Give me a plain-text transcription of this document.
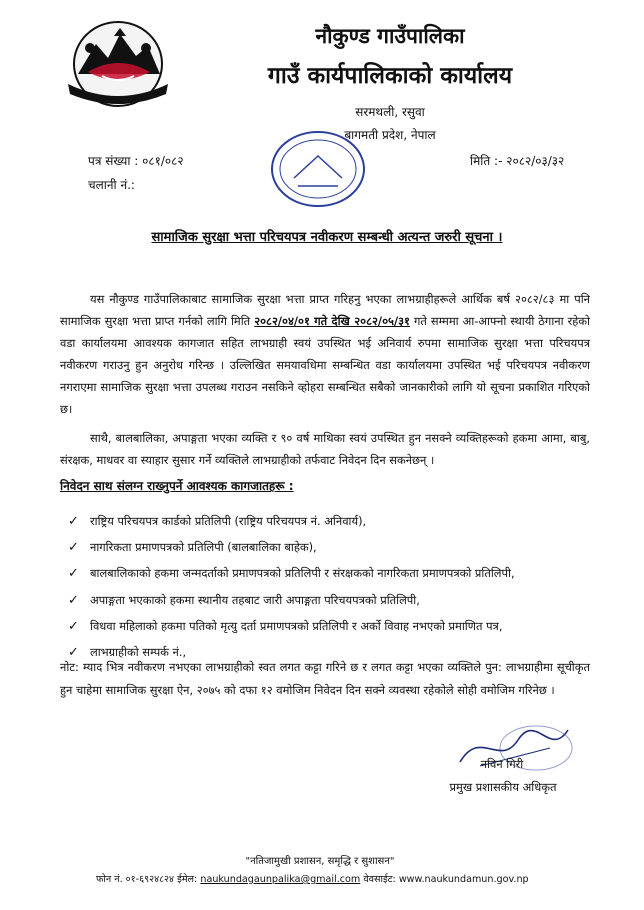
नौकुण्ड गाउँपालिका
गाउँ कार्यपालिकाको कार्यालय
सरमथली, रसुवा
बागमती प्रदेश, नेपाल
पत्र संख्या : ०८१/०८२
चलानी नं.:
मिति :- २०८२/०३/३२
सामाजिक सुरक्षा भत्ता परिचयपत्र नवीकरण सम्बन्धी अत्यन्त जरुरी सूचना ।

यस नौकुण्ड गाउँपालिकाबाट सामाजिक सुरक्षा भत्ता प्राप्त गरिहनु भएका लाभग्राहीहरूले आर्थिक बर्ष २०८२/८३ मा पनि सामाजिक सुरक्षा भत्ता प्राप्त गर्नको लागि मिति २०८२/०४/०१ गते देखि २०८२/०५/३१ गते सम्ममा आ-आफ्नो स्थायी ठेगाना रहेको वडा कार्यालयमा आवश्यक कागजात सहित लाभग्राही स्वयं उपस्थित भई अनिवार्य रुपमा सामाजिक सुरक्षा भत्ता परिचयपत्र नवीकरण गराउनु हुन अनुरोध गरिन्छ । उल्लिखित समयावधिमा सम्बन्धित वडा कार्यालयमा उपस्थित भई परिचयपत्र नवीकरण नगराएमा सामाजिक सुरक्षा भत्ता उपलब्ध गराउन नसकिने व्होहरा सम्बन्धित सबैको जानकारीको लागि यो सूचना प्रकाशित गरिएको छ।

साथै, बालबालिका, अपाङ्गता भएका व्यक्ति र ९० वर्ष माथिका स्वयं उपस्थित हुन नसक्ने व्यक्तिहरूको हकमा आमा, बाबु, संरक्षक, माधवर वा स्याहार सुसार गर्ने व्यक्तिले लाभग्राहीको तर्फवाट निवेदन दिन सकनेछन् ।

निवेदन साथ संलग्न राख्नुपर्ने आवश्यक कागजातहरू :
✓ राष्ट्रिय परिचयपत्र कार्डको प्रतिलिपी (राष्ट्रिय परिचयपत्र नं. अनिवार्य),
✓ नागरिकता प्रमाणपत्रको प्रतिलिपी (बालबालिका बाहेक),
✓ बालबालिकाको हकमा जन्मदर्ताको प्रमाणपत्रको प्रतिलिपी र संरक्षकको नागरिकता प्रमाणपत्रको प्रतिलिपी,
✓ अपाङ्गता भएकाको हकमा स्थानीय तहबाट जारी अपाङ्गता परिचयपत्रको प्रतिलिपी,
✓ विधवा महिलाको हकमा पतिको मृत्यु दर्ता प्रमाणपत्रको प्रतिलिपी र अर्को विवाह नभएको प्रमाणित पत्र,
✓ लाभग्राहीको सम्पर्क नं.,

नोट: म्याद भित्र नवीकरण नभएका लाभग्राहीको स्वत लगत कट्टा गरिने छ र लगत कट्टा भएका व्यक्तिले पुन: लाभग्राहीमा सूचीकृत हुन चाहेमा सामाजिक सुरक्षा ऐन, २०७५ को दफा १२ वमोजिम निवेदन दिन सक्ने व्यवस्था रहेकोले सोही वमोजिम गरिनेछ ।

नविन गिरी
प्रमुख प्रशासकीय अधिकृत
"नतिजामुखी प्रशासन, समृद्धि र सुशासन"
फोन नं. ०१-६९२४८२४ ईमेल: naukundagaunpalika@gmail.com वेवसाईट: www.naukundamun.gov.np
